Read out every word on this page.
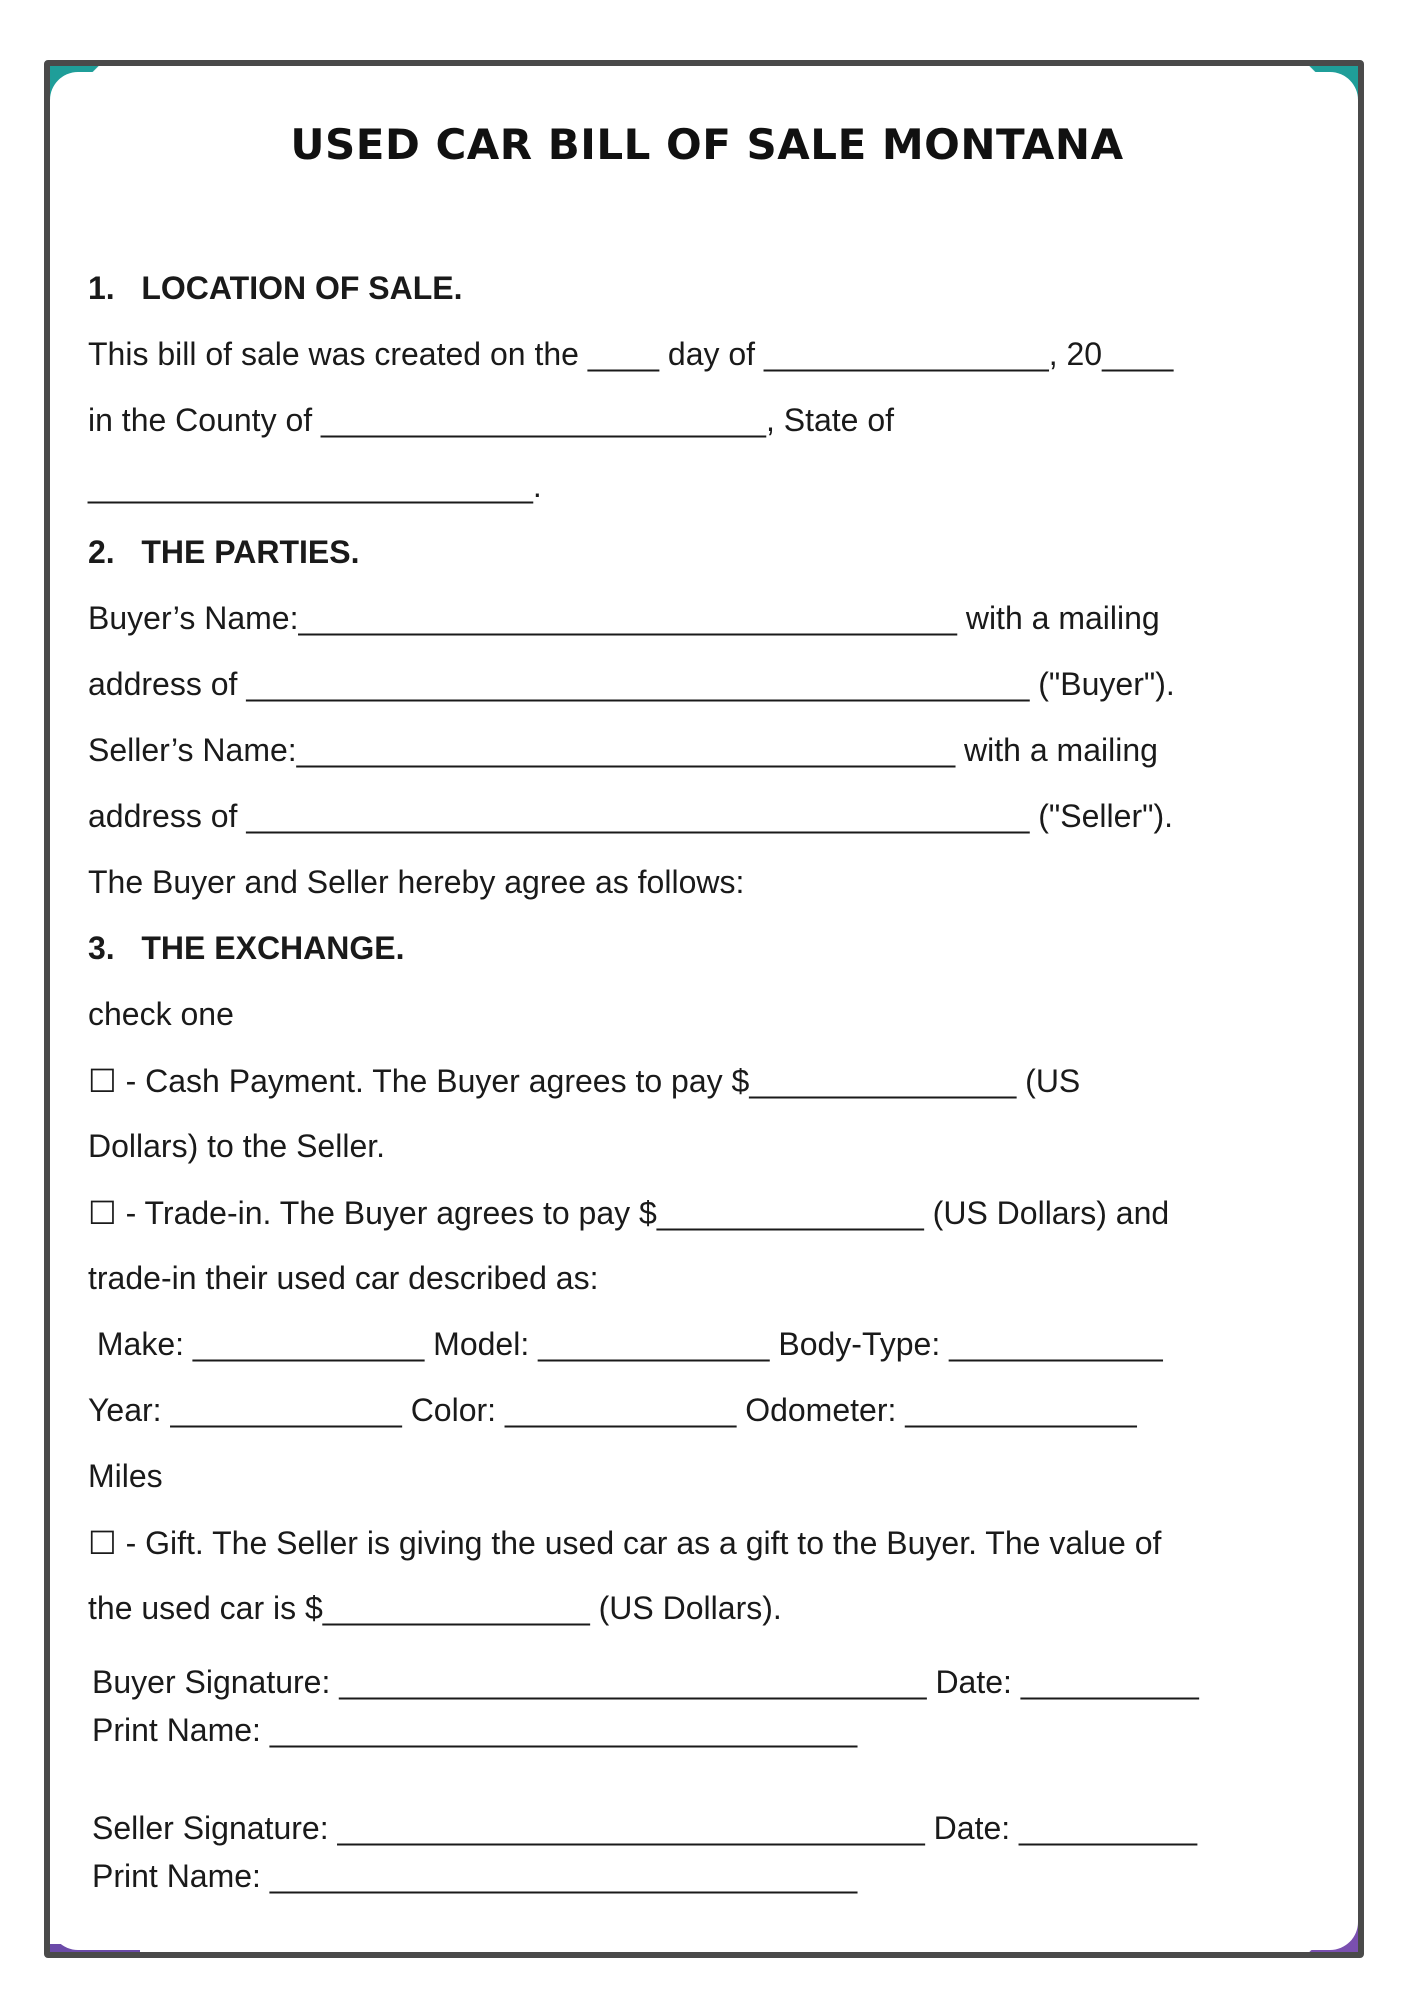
USED CAR BILL OF SALE MONTANA
1.   LOCATION OF SALE.
This bill of sale was created on the ____ day of ________________, 20____
in the County of _________________________, State of
_________________________.
2.   THE PARTIES.
Buyer’s Name:_____________________________________ with a mailing
address of ____________________________________________ ("Buyer").
Seller’s Name:_____________________________________ with a mailing
address of ____________________________________________ ("Seller").
The Buyer and Seller hereby agree as follows:
3.   THE EXCHANGE.
check one
☐ - Cash Payment. The Buyer agrees to pay $_______________ (US
Dollars) to the Seller.
☐ - Trade-in. The Buyer agrees to pay $_______________ (US Dollars) and
trade-in their used car described as:
Make: _____________ Model: _____________ Body-Type: ____________
Year: _____________ Color: _____________ Odometer: _____________
Miles
☐ - Gift. The Seller is giving the used car as a gift to the Buyer. The value of
the used car is $_______________ (US Dollars).
Buyer Signature: _________________________________ Date: __________
Print Name: _________________________________
Seller Signature: _________________________________ Date: __________
Print Name: _________________________________
